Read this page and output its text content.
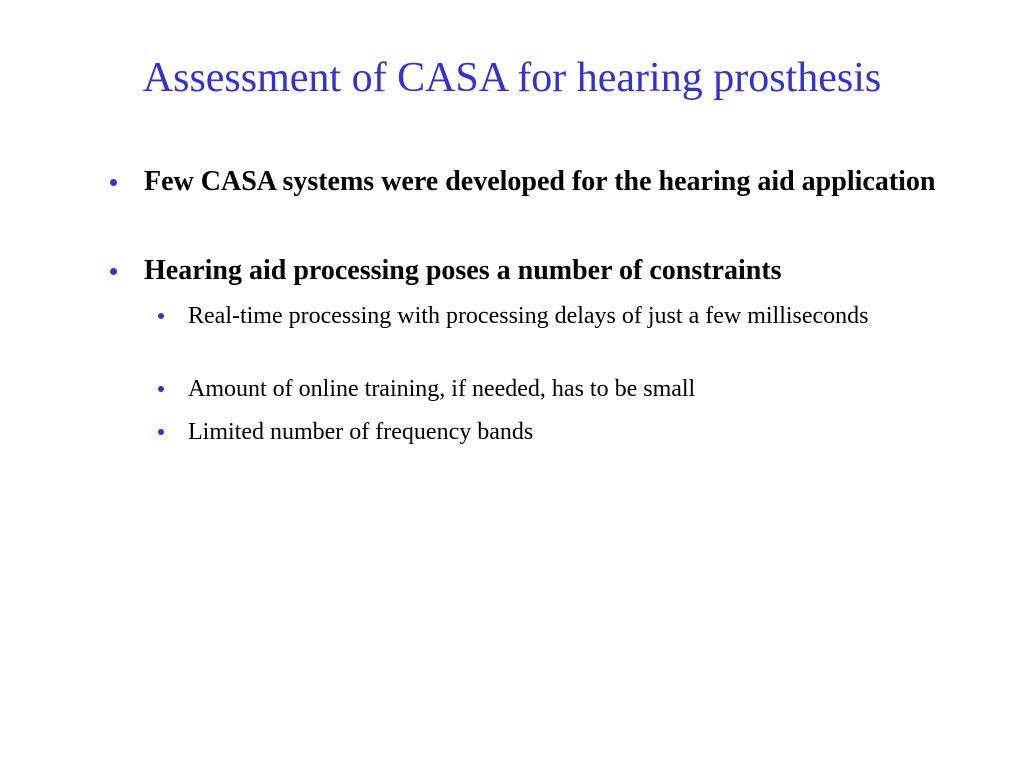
Assessment of CASA for hearing prosthesis
Few CASA systems were developed for the hearing aid application
Hearing aid processing poses a number of constraints
Real-time processing with processing delays of just a few milliseconds
Amount of online training, if needed, has to be small
Limited number of frequency bands
